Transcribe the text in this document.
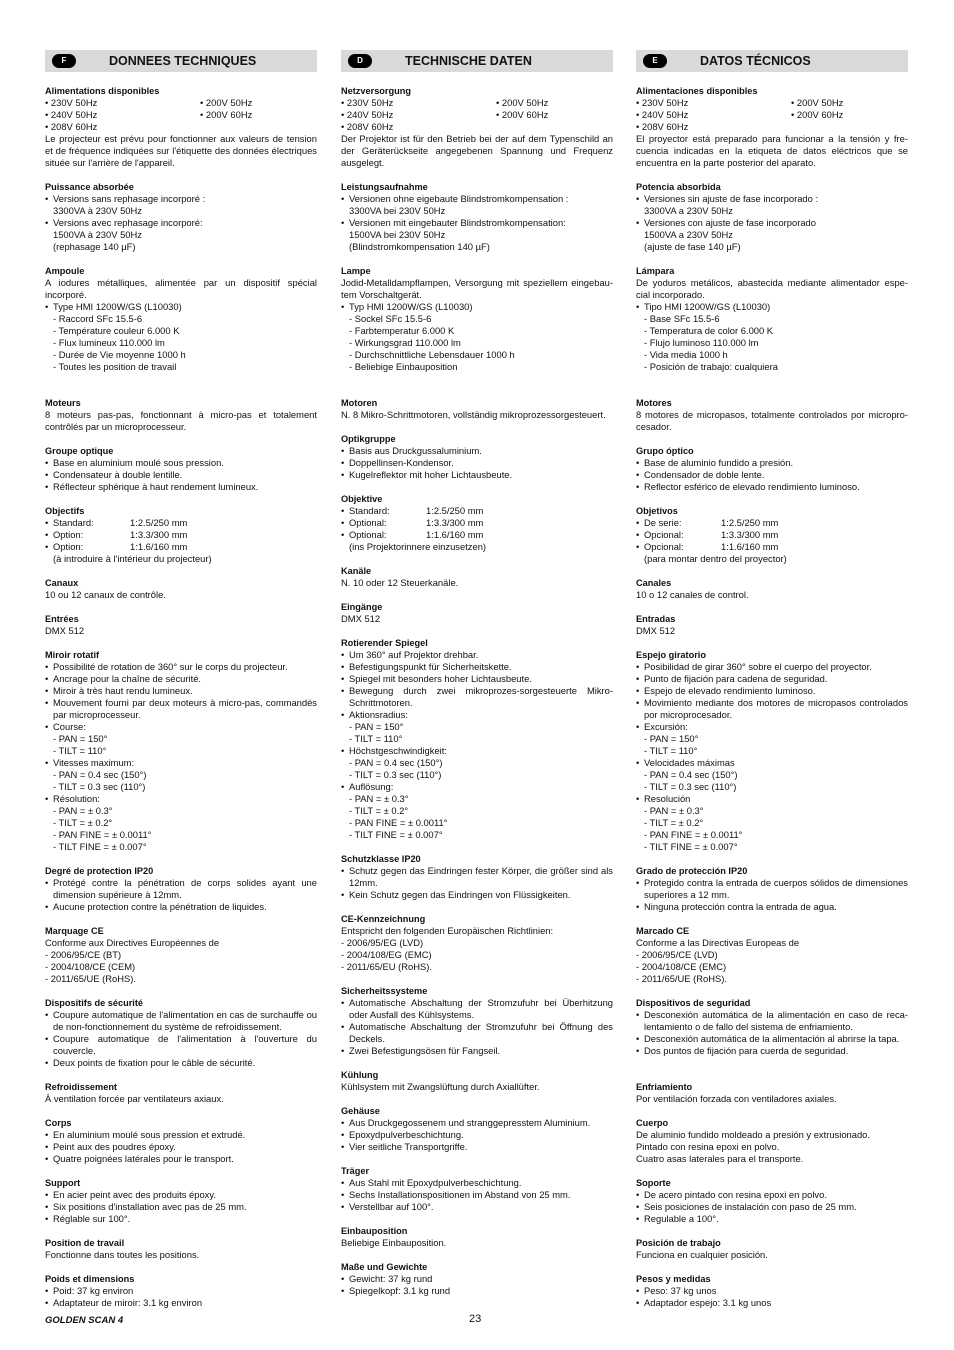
F	DONNEES TECHNIQUES
Alimentations disponibles
• 230V 50Hz	• 200V 50Hz
• 240V 50Hz	• 200V 60Hz
• 208V 60Hz
Le projecteur est prévu pour fonctionner aux valeurs de tension et de fréquence indiquées sur l'étiquette des données électriques située sur l'arrière de l'appareil.
Puissance absorbée
• Versions sans rephasage incorporé :
3300VA à 230V 50Hz
• Versions avec rephasage incorporé:
1500VA à 230V 50Hz
(rephasage 140 µF)
Ampoule
A iodures métalliques, alimentée par un dispositif spécial incorporé.
• Type HMI 1200W/GS (L10030)
- Raccord SFc 15.5-6
- Température couleur 6.000 K
- Flux lumineux 110.000 lm
- Durée de Vie moyenne 1000 h
- Toutes les position de travail
Moteurs
8 moteurs pas-pas, fonctionnant à micro-pas et totalement contrôlés par un microprocesseur.
Groupe optique
• Base en aluminium moulé sous pression.
• Condensateur à double lentille.
• Réflecteur sphérique à haut rendement lumineux.
Objectifs
• Standard:	1:2.5/250 mm
• Option:	1:3.3/300 mm
• Option:	1:1.6/160 mm
(à introduire à l'intérieur du projecteur)
Canaux
10 ou 12 canaux de contrôle.
Entrées
DMX 512
Miroir rotatif
• Possibilité de rotation de 360° sur le corps du projecteur.
• Ancrage pour la chaîne de sécurité.
• Miroir à très haut rendu lumineux.
• Mouvement fourni par deux moteurs à micro-pas, commandés par microprocesseur.
• Course:
- PAN = 150°
- TILT = 110°
• Vitesses maximum:
- PAN = 0.4 sec (150°)
- TILT = 0.3 sec (110°)
• Résolution:
- PAN = ± 0.3°
- TILT = ± 0.2°
- PAN FINE = ± 0.0011°
- TILT FINE = ± 0.007°
Degré de protection IP20
• Protégé contre la pénétration de corps solides ayant une dimension supérieure à 12mm.
• Aucune protection contre la pénétration de liquides.
Marquage CE
Conforme aux Directives Européennes de
- 2006/95/CE (BT)
- 2004/108/CE (CEM)
- 2011/65/UE (RoHS).
Dispositifs de sécurité
• Coupure automatique de l'alimentation en cas de surchauffe ou de non-fonctionnement du système de refroidissement.
• Coupure automatique de l'alimentation à l'ouverture du couvercle.
• Deux points de fixation pour le câble de sécurité.
Refroidissement
À ventilation forcée par ventilateurs axiaux.
Corps
• En aluminium moulé sous pression et extrudé.
• Peint aux des poudres époxy.
• Quatre poignées latérales pour le transport.
Support
• En acier peint avec des produits époxy.
• Six positions d'installation avec pas de 25 mm.
• Réglable sur 100°.
Position de travail
Fonctionne dans toutes les positions.
Poids et dimensions
• Poid: 37 kg environ
• Adaptateur de miroir: 3.1 kg environ
D	TECHNISCHE DATEN
Netzversorgung
• 230V 50Hz	• 200V 50Hz
• 240V 50Hz	• 200V 60Hz
• 208V 60Hz
Der Projektor ist für den Betrieb bei der auf dem Typenschild an der Geräterückseite angegebenen Spannung und Frequenz ausgelegt.
Leistungsaufnahme
• Versionen ohne eigebaute Blindstromkompensation :
3300VA bei 230V 50Hz
• Versionen mit eingebauter Blindstromkompensation:
1500VA bei 230V 50Hz
(Blindstromkompensation 140 µF)
Lampe
Jodid-Metalldampflampen, Versorgung mit speziellem eingebau-tem Vorschaltgerät.
• Typ HMI 1200W/GS (L10030)
- Sockel SFc 15.5-6
- Farbtemperatur 6.000 K
- Wirkungsgrad 110.000 lm
- Durchschnittliche Lebensdauer 1000 h
- Beliebige Einbauposition
Motoren
N. 8 Mikro-Schrittmotoren, vollständig mikroprozessorgesteuert.
Optikgruppe
• Basis aus Druckgussaluminium.
• Doppellinsen-Kondensor.
• Kugelreflektor mit hoher Lichtausbeute.
Objektive
• Standard:	1:2.5/250 mm
• Optional:	1:3.3/300 mm
• Optional:	1:1.6/160 mm
(ins Projektorinnere einzusetzen)
Kanäle
N. 10 oder 12 Steuerkanäle.
Eingänge
DMX 512
Rotierender Spiegel
• Um 360° auf Projektor drehbar.
• Befestigungspunkt für Sicherheitskette.
• Spiegel mit besonders hoher Lichtausbeute.
• Bewegung durch zwei mikroprozes-sorgesteuerte Mikro-Schrittmotoren.
• Aktionsradius:
- PAN = 150°
- TILT = 110°
• Höchstgeschwindigkeit:
- PAN = 0.4 sec (150°)
- TILT = 0.3 sec (110°)
• Auflösung:
- PAN = ± 0.3°
- TILT = ± 0.2°
- PAN FINE = ± 0.0011°
- TILT FINE = ± 0.007°
Schutzklasse IP20
• Schutz gegen das Eindringen fester Körper, die größer sind als 12mm.
• Kein Schutz gegen das Eindringen von Flüssigkeiten.
CE-Kennzeichnung
Entspricht den folgenden Europäischen Richtlinien:
- 2006/95/EG (LVD)
- 2004/108/EG (EMC)
- 2011/65/EU (RoHS).
Sicherheitssysteme
• Automatische Abschaltung der Stromzufuhr bei Überhitzung oder Ausfall des Kühlsystems.
• Automatische Abschaltung der Stromzufuhr bei Öffnung des Deckels.
• Zwei Befestigungsösen für Fangseil.
Kühlung
Kühlsystem mit Zwangslüftung durch Axiallüfter.
Gehäuse
• Aus Druckgegossenem und stranggepresstem Aluminium.
• Epoxydpulverbeschichtung.
• Vier seitliche Transportgriffe.
Träger
• Aus Stahl mit Epoxydpulverbeschichtung.
• Sechs Installationspositionen im Abstand von 25 mm.
• Verstellbar auf 100°.
Einbauposition
Beliebige Einbauposition.
Maße und Gewichte
• Gewicht: 37 kg rund
• Spiegelkopf: 3.1 kg rund
E	DATOS TÉCNICOS
Alimentaciones disponibles
• 230V 50Hz	• 200V 50Hz
• 240V 50Hz	• 200V 60Hz
• 208V 60Hz
El proyector está preparado para funcionar a la tensión y fre-cuencia indicadas en la etiqueta de datos eléctricos que se encuentra en la parte posterior del aparato.
Potencia absorbida
• Versiones sin ajuste de fase incorporado :
3300VA a 230V 50Hz
• Versiones con ajuste de fase incorporado
1500VA a 230V 50Hz
(ajuste de fase 140 µF)
Lámpara
De yoduros metálicos, abastecida mediante alimentador espe-cial incorporado.
• Tipo HMI 1200W/GS (L10030)
- Base SFc 15.5-6
- Temperatura de color 6.000 K
- Flujo luminoso 110.000 lm
- Vida media 1000 h
- Posición de trabajo: cualquiera
Motores
8 motores de micropasos, totalmente controlados por micropro-cesador.
Grupo óptico
• Base de aluminio fundido a presión.
• Condensador de doble lente.
• Reflector esférico de elevado rendimiento luminoso.
Objetivos
• De serie:	1:2.5/250 mm
• Opcional:	1:3.3/300 mm
• Opcional:	1:1.6/160 mm
(para montar dentro del proyector)
Canales
10 o 12 canales de control.
Entradas
DMX 512
Espejo giratorio
• Posibilidad de girar 360° sobre el cuerpo del proyector.
• Punto de fijación para cadena de seguridad.
• Espejo de elevado rendimiento luminoso.
• Movimiento mediante dos motores de micropasos controlados por microprocesador.
• Excursión:
- PAN = 150°
- TILT = 110°
• Velocidades máximas
- PAN = 0.4 sec (150°)
- TILT = 0.3 sec (110°)
• Resolución
- PAN = ± 0.3°
- TILT = ± 0.2°
- PAN FINE = ± 0.0011°
- TILT FINE = ± 0.007°
Grado de protección IP20
• Protegido contra la entrada de cuerpos sólidos de dimensiones superiores a 12 mm.
• Ninguna protección contra la entrada de agua.
Marcado CE
Conforme a las Directivas Europeas de
- 2006/95/CE (LVD)
- 2004/108/CE (EMC)
- 2011/65/UE (RoHS).
Dispositivos de seguridad
• Desconexión automática de la alimentación en caso de reca-lentamiento o de fallo del sistema de enfriamiento.
• Desconexión automática de la alimentación al abrirse la tapa.
• Dos puntos de fijación para cuerda de seguridad.
Enfriamiento
Por ventilación forzada con ventiladores axiales.
Cuerpo
De aluminio fundido moldeado a presión y extrusionado.
Pintado con resina epoxi en polvo.
Cuatro asas laterales para el transporte.
Soporte
• De acero pintado con resina epoxi en polvo.
• Seis posiciones de instalación con paso de 25 mm.
• Regulable a 100°.
Posición de trabajo
Funciona en cualquier posición.
Pesos y medidas
• Peso: 37 kg unos
• Adaptador espejo: 3.1 kg unos
GOLDEN SCAN 4	23
